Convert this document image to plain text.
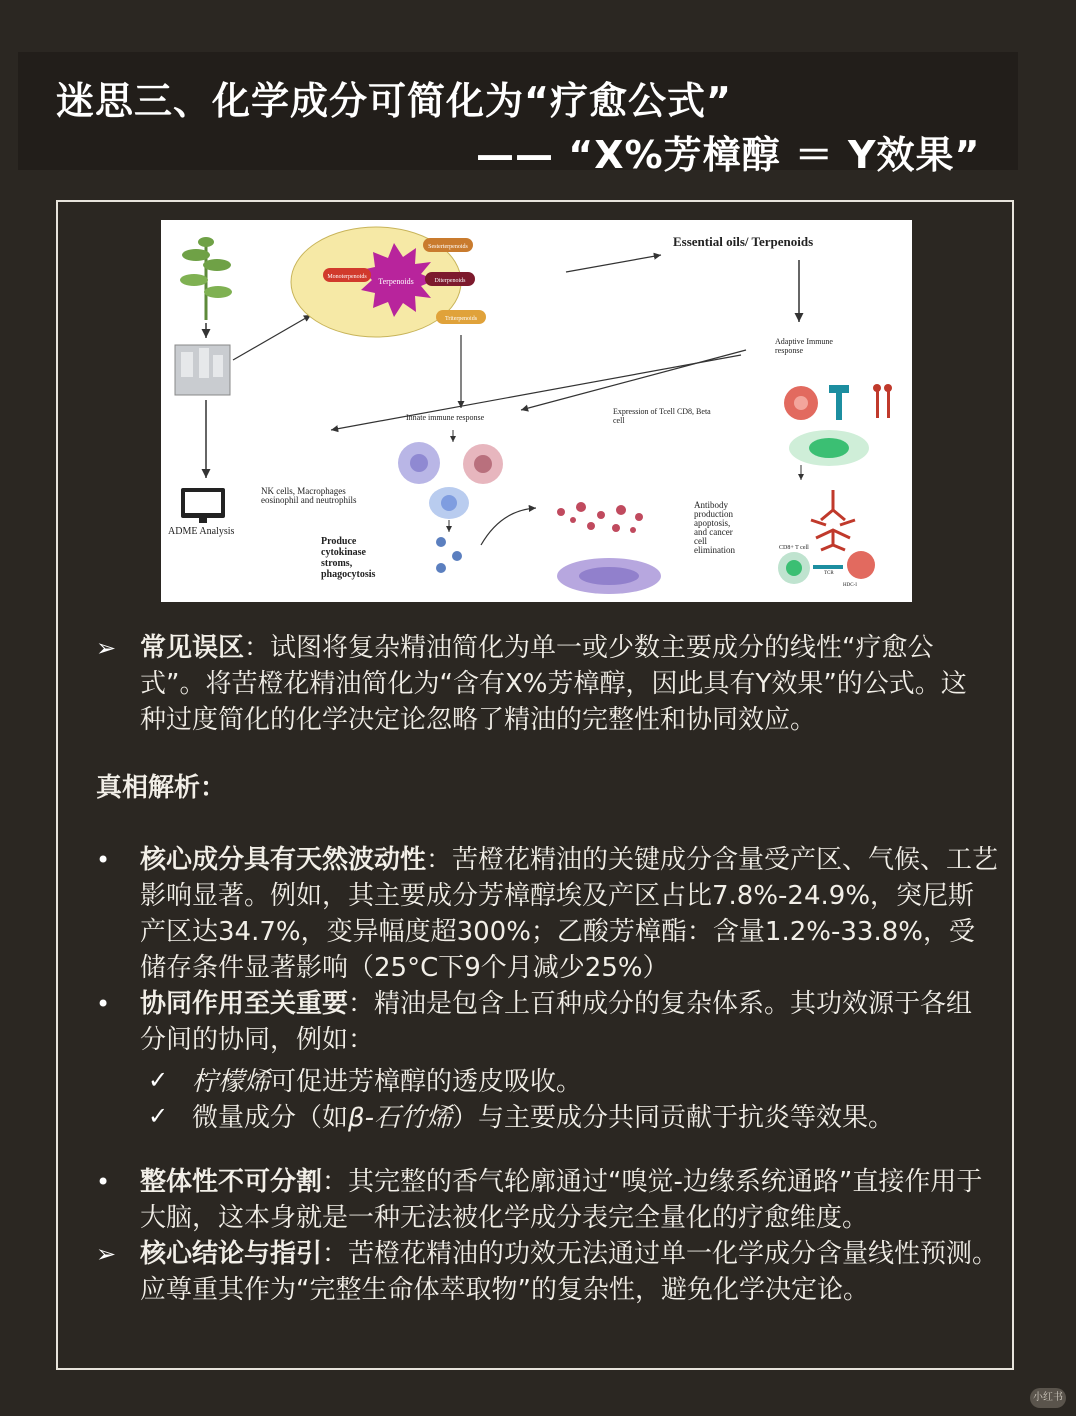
迷思三、化学成分可简化为“疗愈公式”
—— “X%芳樟醇 ＝ Y效果”
ADME Analysis
Terpenoids
Monoterpenoids
Diterpenoids
Sesterterpenoids
Triterpenoids
Essential oils/ Terpenoids
Adaptive Immune
response
Innate immune response
Expression of Tcell CD8, Beta
cell
NK cells, Macrophages
eosinophil and neutrophils
Produce
cytokinase
stroms,
phagocytosis
Antibody
production
apoptosis,
and cancer
cell
elimination	CD8+ T cell
TCR
HDC-I
➢ 常见误区：试图将复杂精油简化为单一或少数主要成分的线性“疗愈公式”。将苦橙花精油简化为“含有X%芳樟醇，因此具有Y效果”的公式。这种过度简化的化学决定论忽略了精油的完整性和协同效应。
真相解析：
• 核心成分具有天然波动性：苦橙花精油的关键成分含量受产区、气候、工艺影响显著。例如，其主要成分芳樟醇埃及产区占比7.8%-24.9%，突尼斯产区达34.7%，变异幅度超300%；乙酸芳樟酯：含量1.2%-33.8%，受储存条件显著影响（25°C下9个月减少25%）
• 协同作用至关重要：精油是包含上百种成分的复杂体系。其功效源于各组分间的协同，例如：
✓ 柠檬烯可促进芳樟醇的透皮吸收。
✓ 微量成分（如β-石竹烯）与主要成分共同贡献于抗炎等效果。
• 整体性不可分割：其完整的香气轮廓通过“嗅觉-边缘系统通路”直接作用于大脑，这本身就是一种无法被化学成分表完全量化的疗愈维度。
➢ 核心结论与指引：苦橙花精油的功效无法通过单一化学成分含量线性预测。应尊重其作为“完整生命体萃取物”的复杂性，避免化学决定论。
小红书
